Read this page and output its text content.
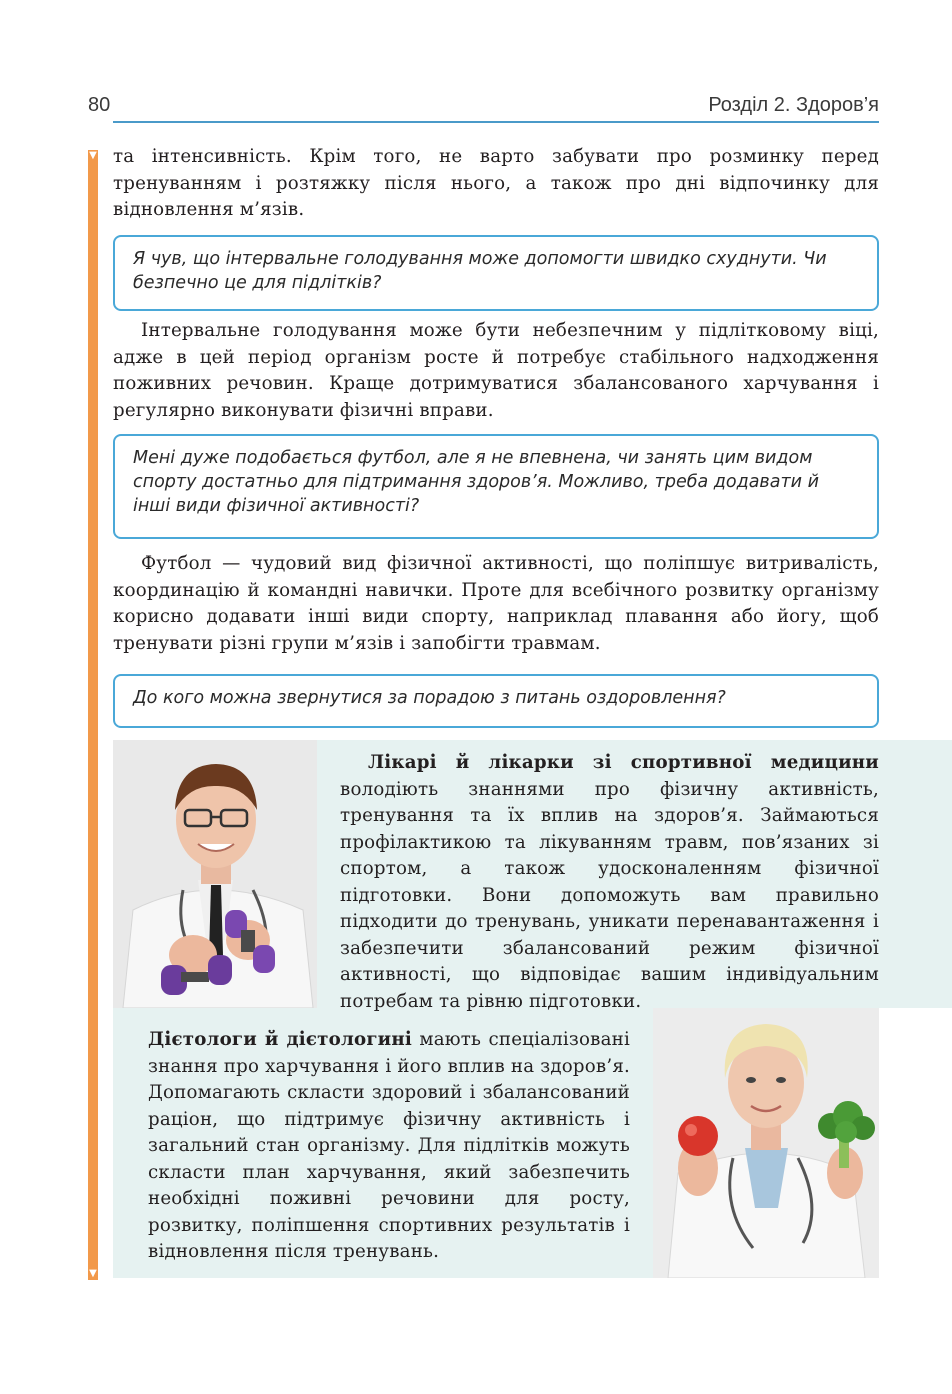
80	Розділ 2. Здоров’я
▼
▼

та інтенсивність. Крім того, не варто забувати про розминку перед тренуванням і розтяжку після нього, а також про дні відпочинку для відновлення м’язів.

Я чув, що інтервальне голодування може допомогти швидко схуднути. Чи безпечно це для підлітків?

Інтервальне голодування може бути небезпечним у підлітковому віці, адже в цей період організм росте й потребує стабільного надходження поживних речовин. Краще дотримуватися збалансованого харчування і регулярно виконувати фізичні вправи.

Мені дуже подобається футбол, але я не впевнена, чи занять цим видом спорту достатньо для підтримання здоров’я. Можливо, треба додавати й інші види фізичної активності?

Футбол — чудовий вид фізичної активності, що поліпшує витривалість, координацію й командні навички. Проте для всебічного розвитку організму корисно додавати інші види спорту, наприклад плавання або йогу, щоб тренувати різні групи м’язів і запобігти травмам.

До кого можна звернутися за порадою з питань оздоровлення?

Лікарі й лікарки зі спортивної медицини володіють знаннями про фізичну активність, тренування та їх вплив на здоров’я. Займаються профілактикою та лікуванням травм, пов’язаних зі спортом, а також удосконаленням фізичної підготовки. Вони допоможуть вам правильно підходити до тренувань, уникати перенавантаження і забезпечити збалансований режим фізичної активності, що відповідає вашим індивідуальним потребам та рівню підготовки.

Дієтологи й дієтологині мають спеціалізовані знання про харчування і його вплив на здоров’я. Допомагають скласти здоровий і збалансований раціон, що підтримує фізичну активність і загальний стан організму. Для підлітків можуть скласти план харчування, який забезпечить необхідні поживні речовини для росту, розвитку, поліпшення спортивних результатів і відновлення після тренувань.
